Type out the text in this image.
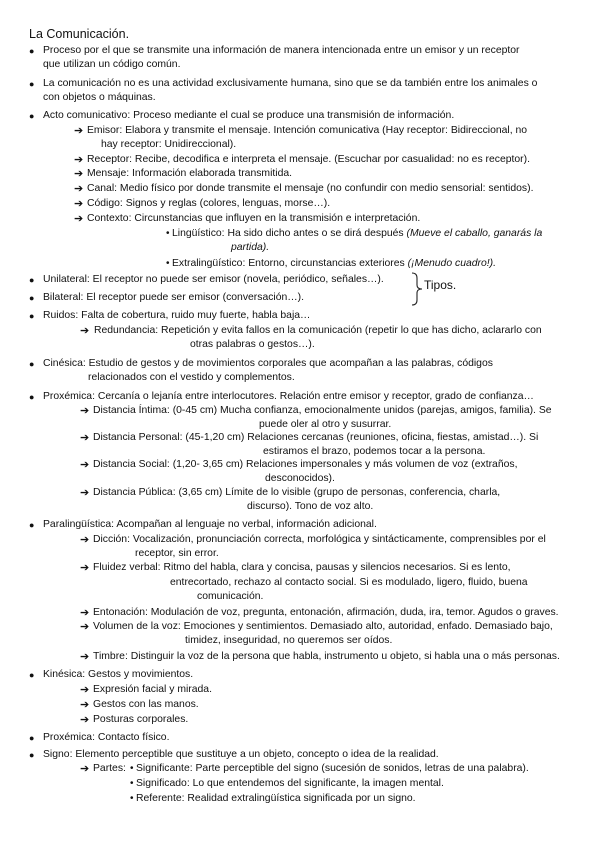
La Comunicación.
● Proceso por el que se transmite una información de manera intencionada entre un emisor y un receptor
que utilizan un código común.
● La comunicación no es una actividad exclusivamente humana, sino que se da también entre los animales o
con objetos o máquinas.
● Acto comunicativo: Proceso mediante el cual se produce una transmisión de información.
➔ Emisor: Elabora y transmite el mensaje. Intención comunicativa (Hay receptor: Bidireccional, no
hay receptor: Unidireccional).
➔ Receptor: Recibe, decodifica e interpreta el mensaje. (Escuchar por casualidad: no es receptor).
➔ Mensaje: Información elaborada transmitida.
➔ Canal: Medio físico por donde transmite el mensaje (no confundir con medio sensorial: sentidos).
➔ Código: Signos y reglas (colores, lenguas, morse…).
➔ Contexto: Circunstancias que influyen en la transmisión e interpretación.
• Lingüístico: Ha sido dicho antes o se dirá después (Mueve el caballo, ganarás la
partida).
• Extralingüístico: Entorno, circunstancias exteriores (¡Menudo cuadro!).
● Unilateral: El receptor no puede ser emisor (novela, periódico, señales…).
● Bilateral: El receptor puede ser emisor (conversación…).
Tipos.
● Ruidos: Falta de cobertura, ruido muy fuerte, habla baja…
➔ Redundancia: Repetición y evita fallos en la comunicación (repetir lo que has dicho, aclararlo con
otras palabras o gestos…).
● Cinésica: Estudio de gestos y de movimientos corporales que acompañan a las palabras, códigos
relacionados con el vestido y complementos.
● Proxémica: Cercanía o lejanía entre interlocutores. Relación entre emisor y receptor, grado de confianza…
➔ Distancia Íntima: (0-45 cm) Mucha confianza, emocionalmente unidos (parejas, amigos, familia). Se
puede oler al otro y susurrar.
➔ Distancia Personal: (45-1,20 cm) Relaciones cercanas (reuniones, oficina, fiestas, amistad…). Si
estiramos el brazo, podemos tocar a la persona.
➔ Distancia Social: (1,20- 3,65 cm) Relaciones impersonales y más volumen de voz (extraños,
desconocidos).
➔ Distancia Pública: (3,65 cm) Límite de lo visible (grupo de personas, conferencia, charla,
discurso). Tono de voz alto.
● Paralingüística: Acompañan al lenguaje no verbal, información adicional.
➔ Dicción: Vocalización, pronunciación correcta, morfológica y sintácticamente, comprensibles por el
receptor, sin error.
➔ Fluidez verbal: Ritmo del habla, clara y concisa, pausas y silencios necesarios. Si es lento,
entrecortado, rechazo al contacto social. Si es modulado, ligero, fluido, buena
comunicación.
➔ Entonación: Modulación de voz, pregunta, entonación, afirmación, duda, ira, temor. Agudos o graves.
➔ Volumen de la voz: Emociones y sentimientos. Demasiado alto, autoridad, enfado. Demasiado bajo,
timidez, inseguridad, no queremos ser oídos.
➔ Timbre: Distinguir la voz de la persona que habla, instrumento u objeto, si habla una o más personas.
● Kinésica: Gestos y movimientos.
➔ Expresión facial y mirada.
➔ Gestos con las manos.
➔ Posturas corporales.
● Proxémica: Contacto físico.
● Signo: Elemento perceptible que sustituye a un objeto, concepto o idea de la realidad.
➔ Partes: • Significante: Parte perceptible del signo (sucesión de sonidos, letras de una palabra).
• Significado: Lo que entendemos del significante, la imagen mental.
• Referente: Realidad extralingüística significada por un signo.
